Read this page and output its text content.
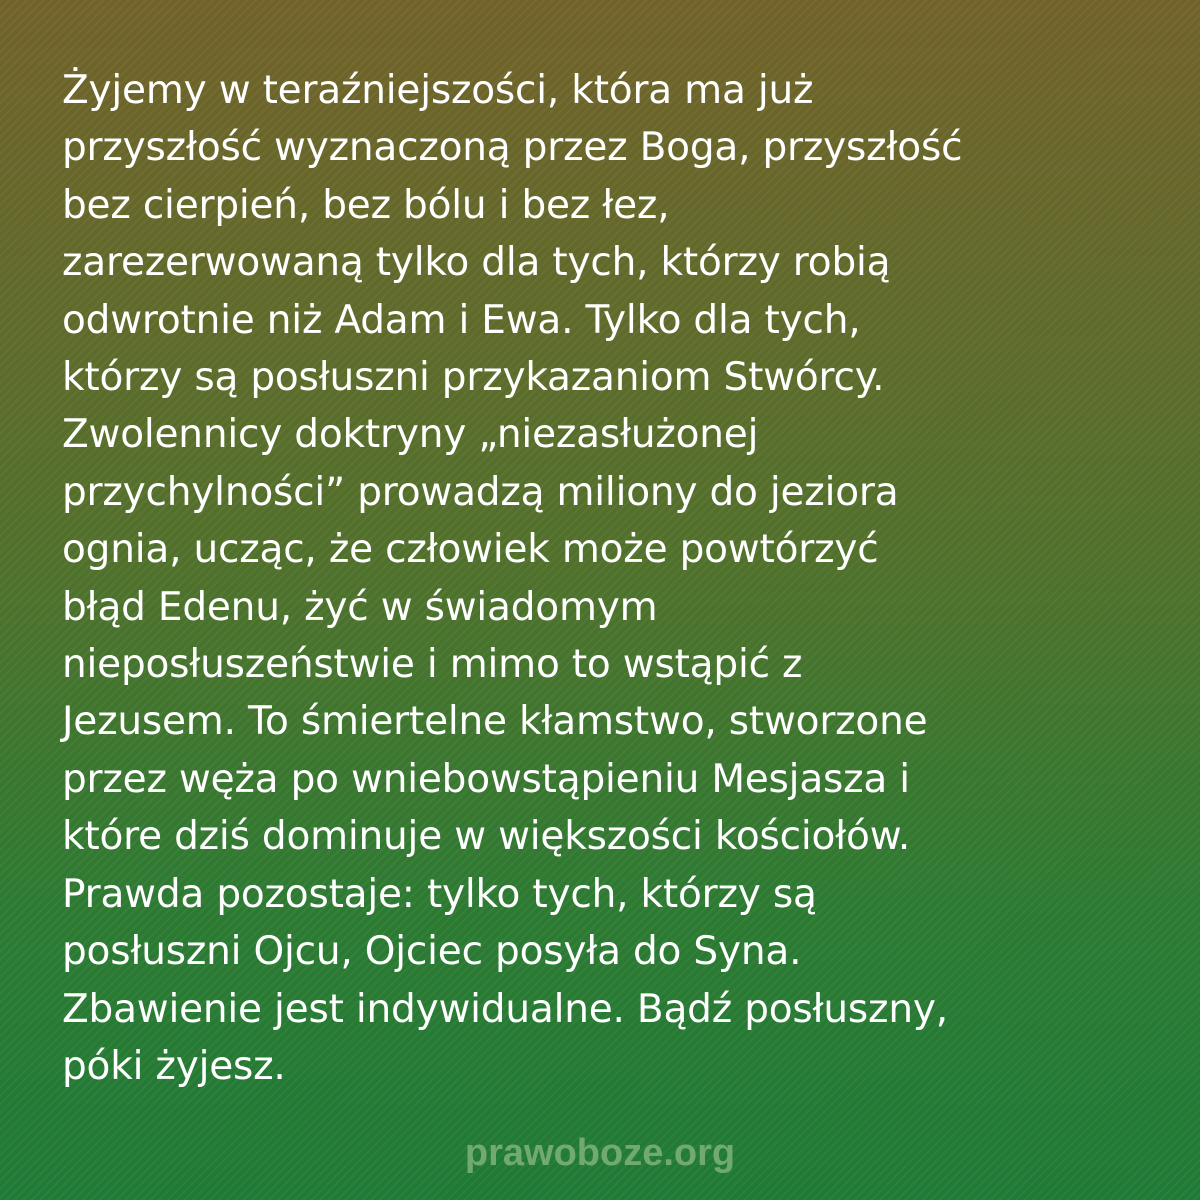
Żyjemy w teraźniejszości, która ma już
przyszłość wyznaczoną przez Boga, przyszłość
bez cierpień, bez bólu i bez łez,
zarezerwowaną tylko dla tych, którzy robią
odwrotnie niż Adam i Ewa. Tylko dla tych,
którzy są posłuszni przykazaniom Stwórcy.
Zwolennicy doktryny „niezasłużonej
przychylności” prowadzą miliony do jeziora
ognia, ucząc, że człowiek może powtórzyć
błąd Edenu, żyć w świadomym
nieposłuszeństwie i mimo to wstąpić z
Jezusem. To śmiertelne kłamstwo, stworzone
przez węża po wniebowstąpieniu Mesjasza i
które dziś dominuje w większości kościołów.
Prawda pozostaje: tylko tych, którzy są
posłuszni Ojcu, Ojciec posyła do Syna.
Zbawienie jest indywidualne. Bądź posłuszny,
póki żyjesz.

prawoboze.org
